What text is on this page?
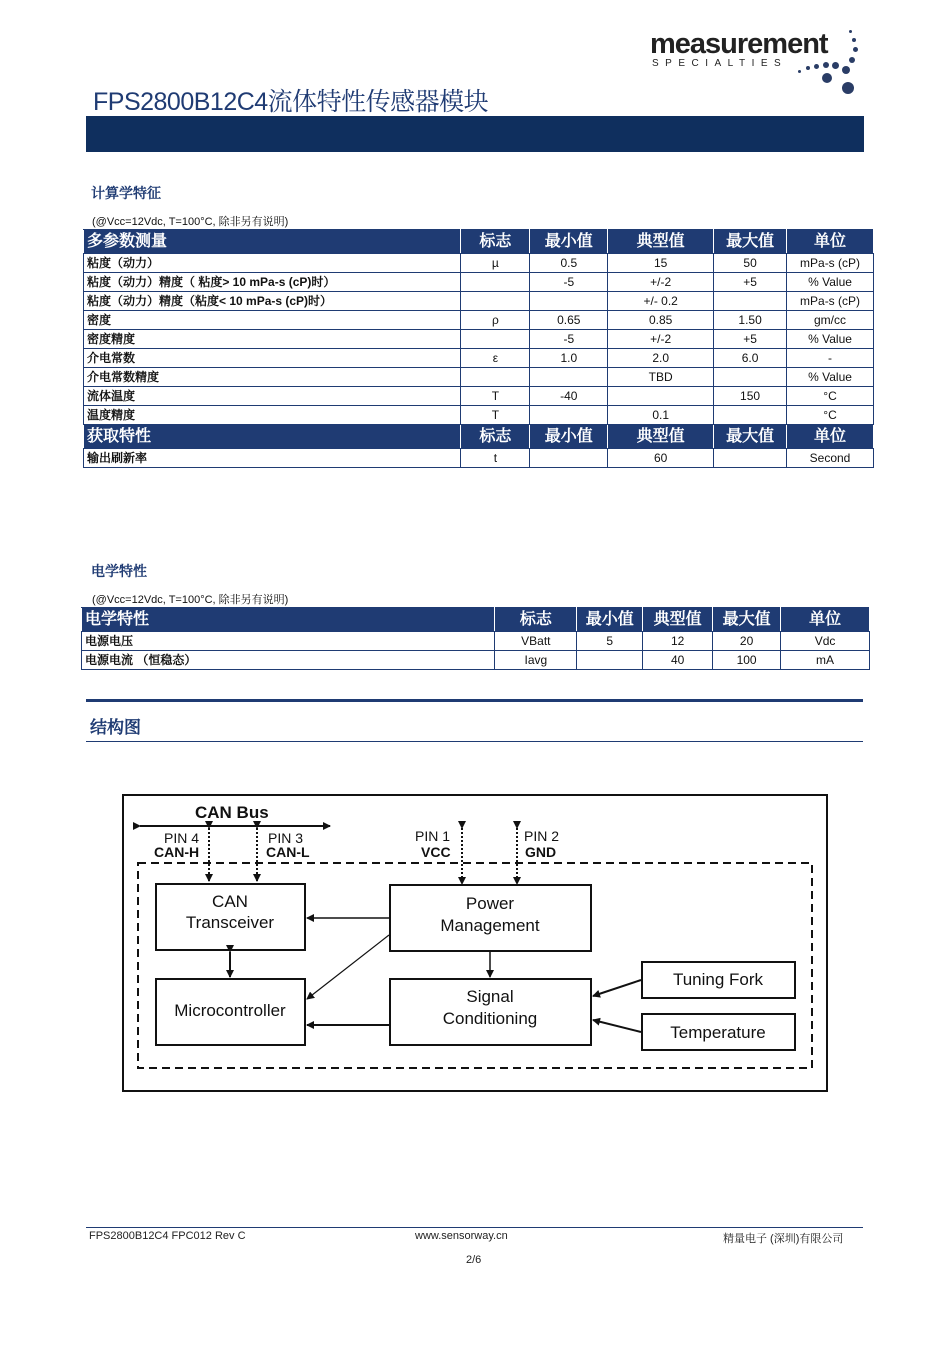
measurement
SPECIALTIES
FPS2800B12C4流体特性传感器模块
计算学特征
(@Vcc=12Vdc, T=100°C, 除非另有说明)
多参数测量	标志	最小值	典型值	最大值	单位
粘度（动力）	µ	0.5	15	50	mPa-s (cP)
粘度（动力）精度（ 粘度> 10 mPa-s (cP)时）		-5	+/-2	+5	% Value
粘度（动力）精度（粘度< 10 mPa-s (cP)时）			+/- 0.2		mPa-s (cP)
密度	ρ	0.65	0.85	1.50	gm/cc
密度精度		-5	+/-2	+5	% Value
介电常数	ε	1.0	2.0	6.0	-
介电常数精度			TBD		% Value
流体温度	T	-40		150	°C
温度精度	T		0.1		°C
获取特性	标志	最小值	典型值	最大值	单位
输出刷新率	t		60		Second
电学特性
(@Vcc=12Vdc, T=100°C, 除非另有说明)
电学特性	标志	最小值	典型值	最大值	单位
电源电压	VBatt	5	12	20	Vdc
电源电流 （恒稳态）	Iavg		40	100	mA
结构图
CAN Bus
PIN 4
CAN-H
PIN 3
CAN-L
PIN 1
VCC
PIN 2
GND
CAN
Transceiver
Power
Management
Microcontroller
Signal
Conditioning
Tuning Fork
Temperature
FPS2800B12C4 FPC012 Rev C	www.sensorway.cn	精量电子 (深圳)有限公司
2/6
